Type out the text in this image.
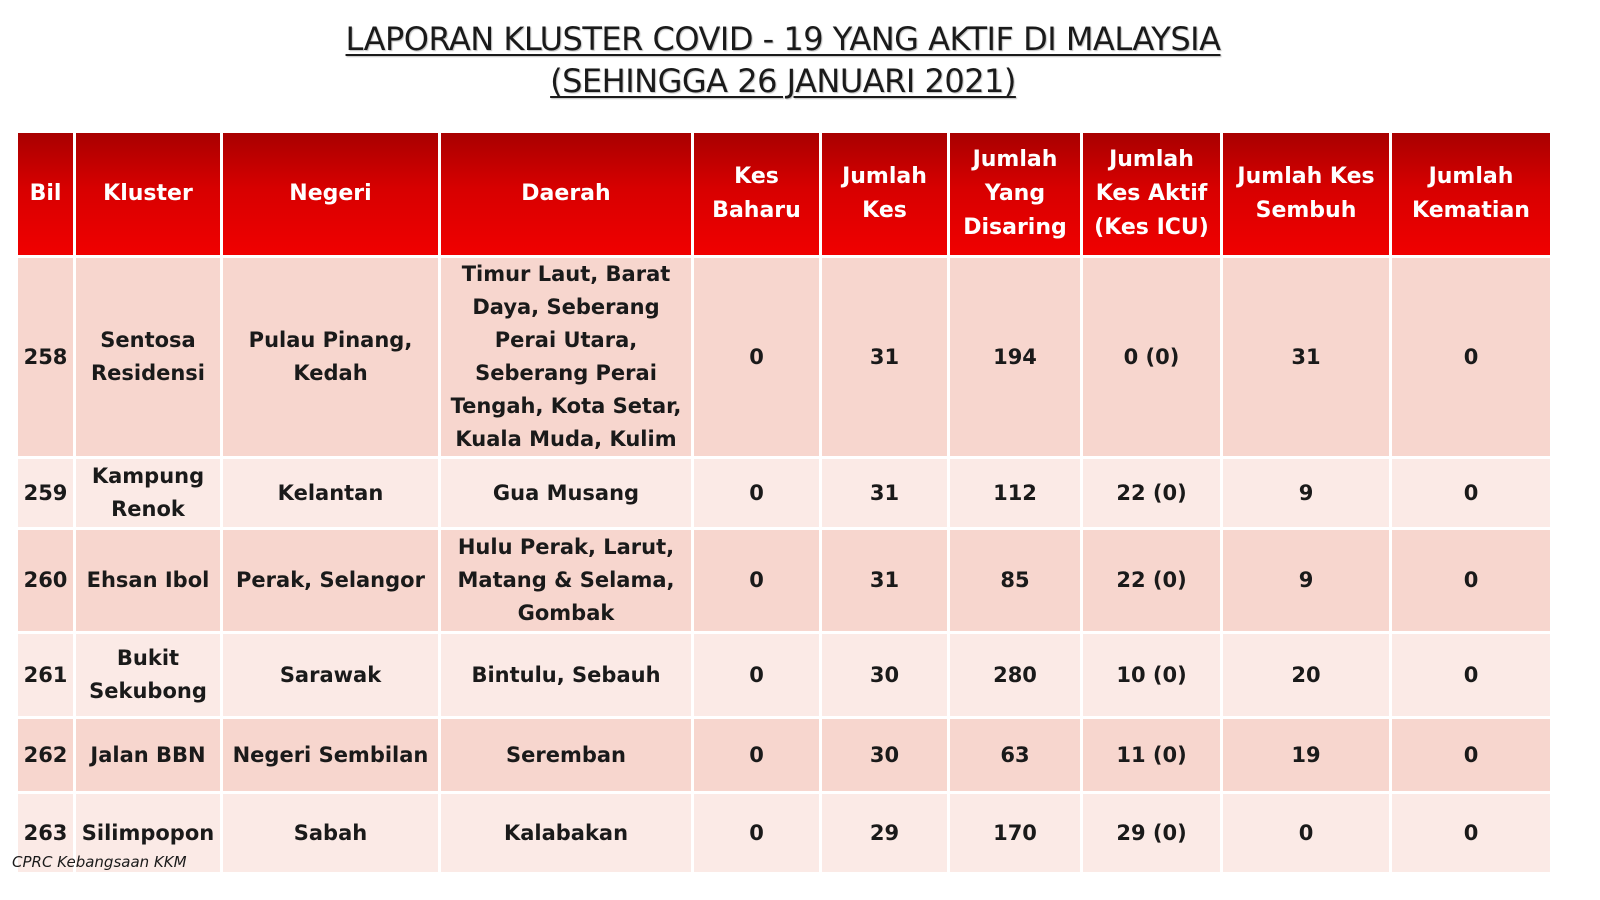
LAPORAN KLUSTER COVID - 19 YANG AKTIF DI MALAYSIA
(SEHINGGA 26 JANUARI 2021)
Bil	Kluster	Negeri	Daerah	Kes Baharu	Jumlah Kes	Jumlah Yang Disaring	Jumlah Kes Aktif (Kes ICU)	Jumlah Kes Sembuh	Jumlah Kematian
258	Sentosa Residensi	Pulau Pinang, Kedah	Timur Laut, Barat Daya, Seberang Perai Utara, Seberang Perai Tengah, Kota Setar, Kuala Muda, Kulim	0	31	194	0 (0)	31	0
259	Kampung Renok	Kelantan	Gua Musang	0	31	112	22 (0)	9	0
260	Ehsan Ibol	Perak, Selangor	Hulu Perak, Larut, Matang & Selama, Gombak	0	31	85	22 (0)	9	0
261	Bukit Sekubong	Sarawak	Bintulu, Sebauh	0	30	280	10 (0)	20	0
262	Jalan BBN	Negeri Sembilan	Seremban	0	30	63	11 (0)	19	0
263	Silimpopon	Sabah	Kalabakan	0	29	170	29 (0)	0	0
CPRC Kebangsaan KKM
